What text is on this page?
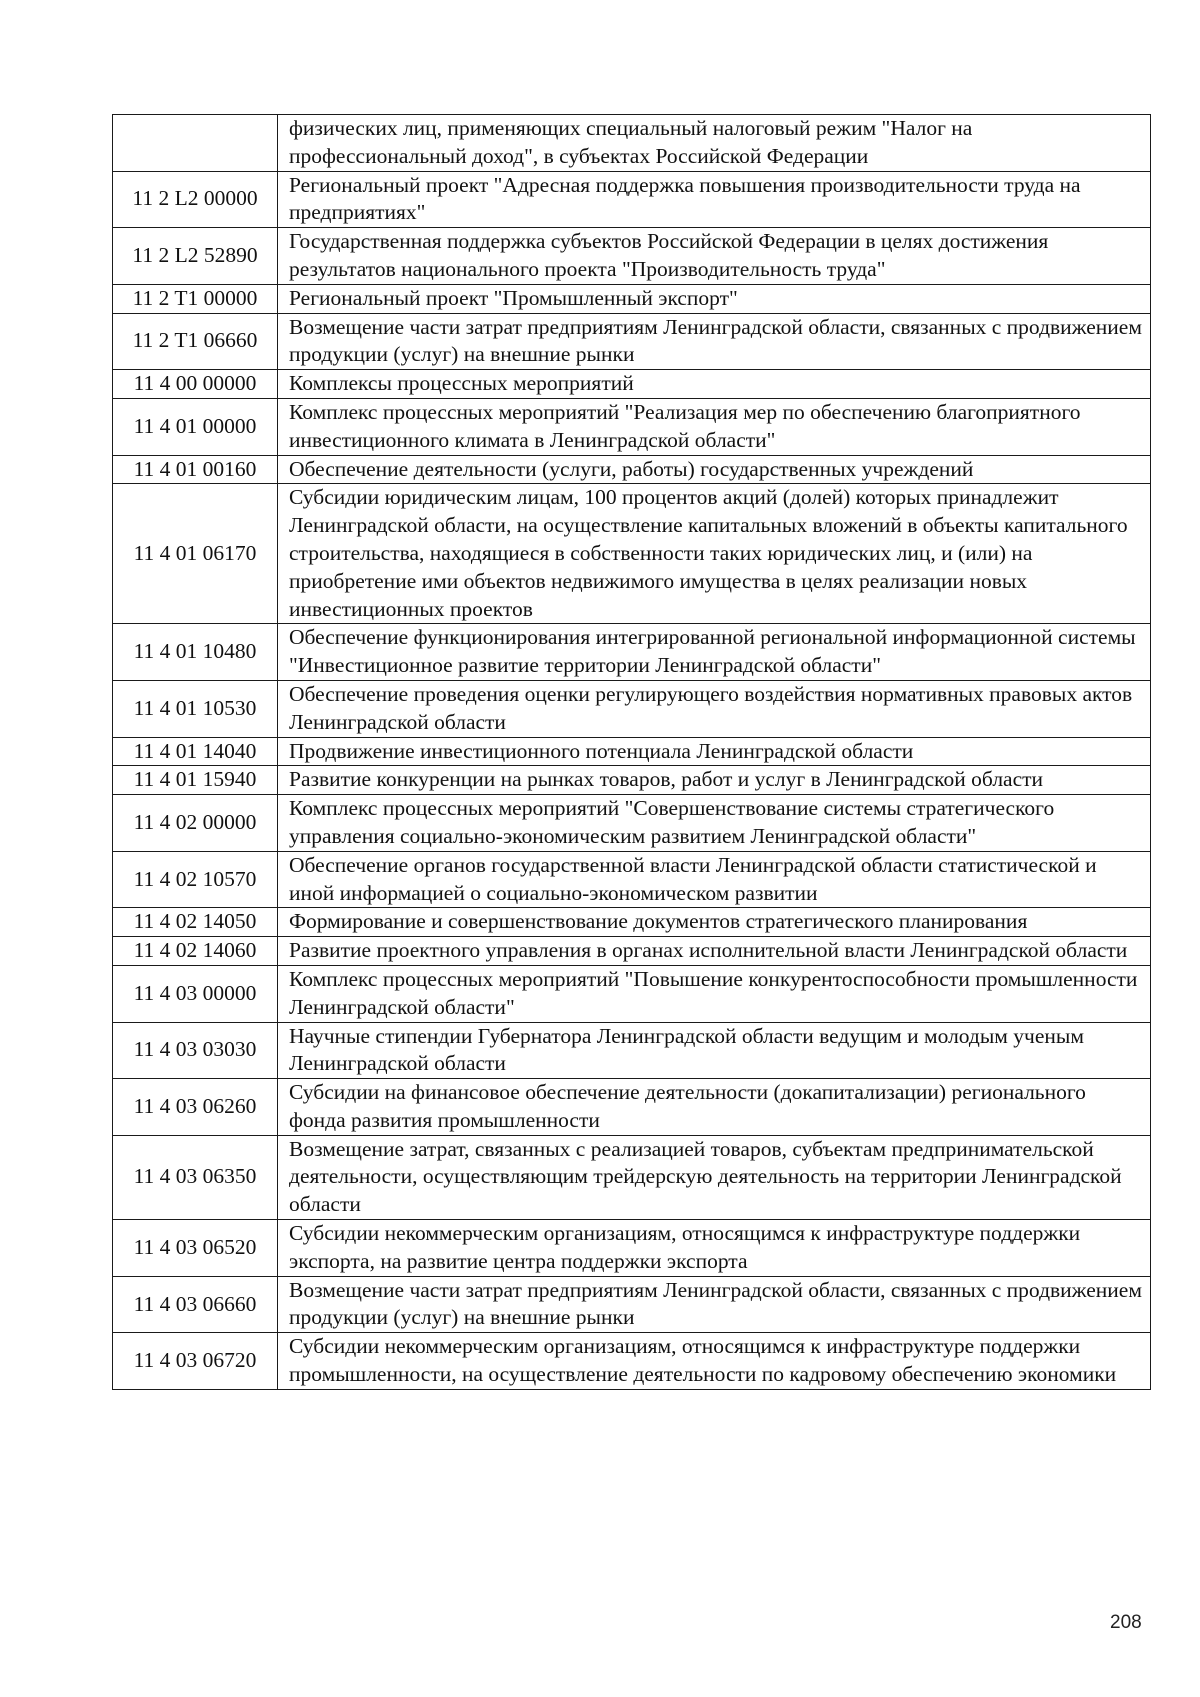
	физических лиц, применяющих специальный налоговый режим "Налог на профессиональный доход", в субъектах Российской Федерации
11 2 L2 00000	Региональный проект "Адресная поддержка повышения производительности труда на предприятиях"
11 2 L2 52890	Государственная поддержка субъектов Российской Федерации в целях достижения результатов национального проекта "Производительность труда"
11 2 T1 00000	Региональный проект "Промышленный экспорт"
11 2 T1 06660	Возмещение части затрат предприятиям Ленинградской области, связанных с продвижением продукции (услуг) на внешние рынки
11 4 00 00000	Комплексы процессных мероприятий
11 4 01 00000	Комплекс процессных мероприятий "Реализация мер по обеспечению благоприятного инвестиционного климата в Ленинградской области"
11 4 01 00160	Обеспечение деятельности (услуги, работы) государственных учреждений
11 4 01 06170	Субсидии юридическим лицам, 100 процентов акций (долей) которых принадлежит Ленинградской области, на осуществление капитальных вложений в объекты капитального строительства, находящиеся в собственности таких юридических лиц, и (или) на приобретение ими объектов недвижимого имущества в целях реализации новых инвестиционных проектов
11 4 01 10480	Обеспечение функционирования интегрированной региональной информационной системы "Инвестиционное развитие территории Ленинградской области"
11 4 01 10530	Обеспечение проведения оценки регулирующего воздействия нормативных правовых актов Ленинградской области
11 4 01 14040	Продвижение инвестиционного потенциала Ленинградской области
11 4 01 15940	Развитие конкуренции на рынках товаров, работ и услуг в Ленинградской области
11 4 02 00000	Комплекс процессных мероприятий "Совершенствование системы стратегического управления социально-экономическим развитием Ленинградской области"
11 4 02 10570	Обеспечение органов государственной власти Ленинградской области статистической и иной информацией о социально-экономическом развитии
11 4 02 14050	Формирование и совершенствование документов стратегического планирования
11 4 02 14060	Развитие проектного управления в органах исполнительной власти Ленинградской области
11 4 03 00000	Комплекс процессных мероприятий "Повышение конкурентоспособности промышленности Ленинградской области"
11 4 03 03030	Научные стипендии Губернатора Ленинградской области ведущим и молодым ученым Ленинградской области
11 4 03 06260	Субсидии на финансовое обеспечение деятельности (докапитализации) регионального фонда развития промышленности
11 4 03 06350	Возмещение затрат, связанных с реализацией товаров, субъектам предпринимательской деятельности, осуществляющим трейдерскую деятельность на территории Ленинградской области
11 4 03 06520	Субсидии некоммерческим организациям, относящимся к инфраструктуре поддержки экспорта, на развитие центра поддержки экспорта
11 4 03 06660	Возмещение части затрат предприятиям Ленинградской области, связанных с продвижением продукции (услуг) на внешние рынки
11 4 03 06720	Субсидии некоммерческим организациям, относящимся к инфраструктуре поддержки промышленности, на осуществление деятельности по кадровому обеспечению экономики
208
